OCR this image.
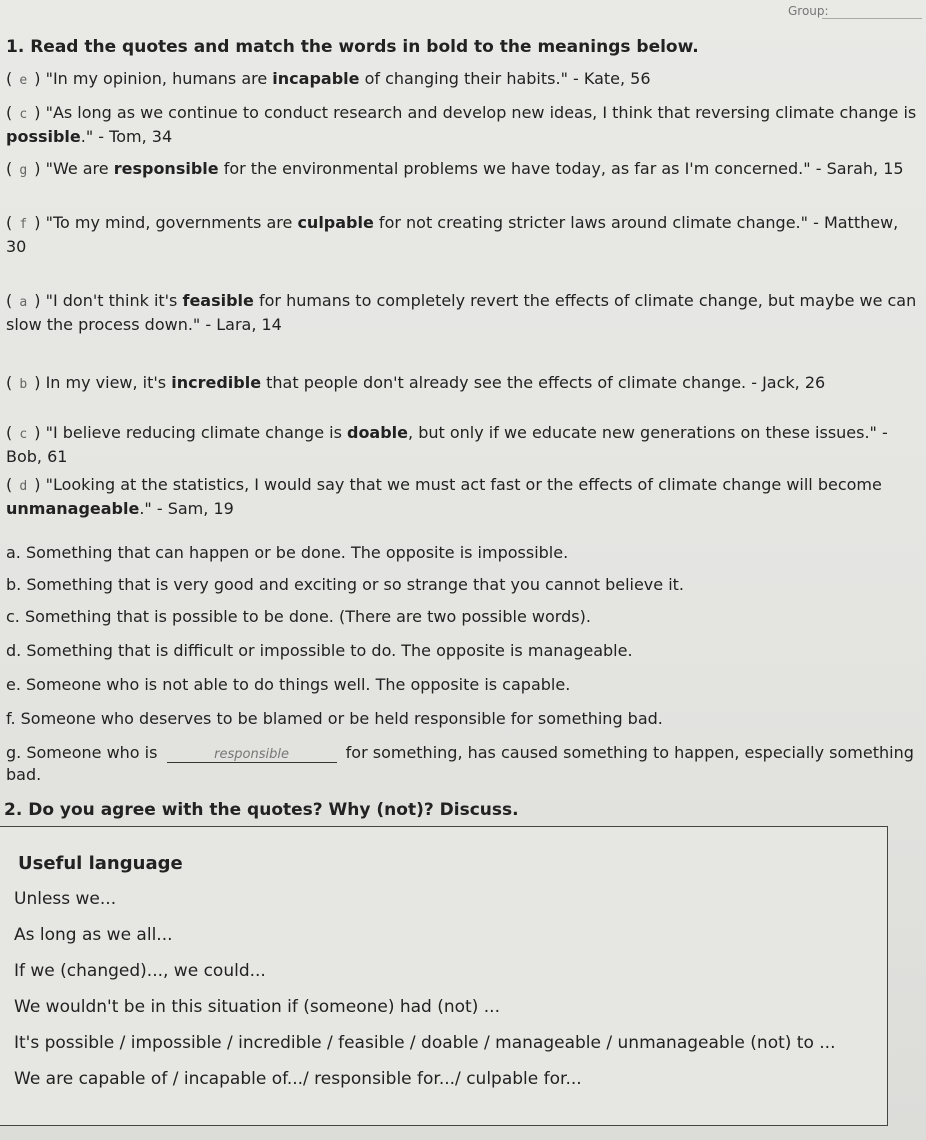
Group:
1. Read the quotes and match the words in bold to the meanings below.
( e ) "In my opinion, humans are incapable of changing their habits." - Kate, 56
( c ) "As long as we continue to conduct research and develop new ideas, I think that reversing climate change is possible." - Tom, 34
( g ) "We are responsible for the environmental problems we have today, as far as I'm concerned." - Sarah, 15
( f ) "To my mind, governments are culpable for not creating stricter laws around climate change." - Matthew, 30
( a ) "I don't think it's feasible for humans to completely revert the effects of climate change, but maybe we can slow the process down." - Lara, 14
( b ) In my view, it's incredible that people don't already see the effects of climate change. - Jack, 26
( c ) "I believe reducing climate change is doable, but only if we educate new generations on these issues." - Bob, 61
( d ) "Looking at the statistics, I would say that we must act fast or the effects of climate change will become unmanageable." - Sam, 19
a. Something that can happen or be done. The opposite is impossible.
b. Something that is very good and exciting or so strange that you cannot believe it.
c. Something that is possible to be done. (There are two possible words).
d. Something that is difficult or impossible to do. The opposite is manageable.
e. Someone who is not able to do things well. The opposite is capable.
f. Someone who deserves to be blamed or be held responsible for something bad.
g. Someone who is	responsible	for something, has caused something to happen, especially something bad.
2. Do you agree with the quotes? Why (not)? Discuss.
Useful language
Unless we...
As long as we all...
If we (changed)..., we could...
We wouldn't be in this situation if (someone) had (not) ...
It's possible / impossible / incredible / feasible / doable / manageable / unmanageable (not) to ...
We are capable of / incapable of.../ responsible for.../ culpable for...
